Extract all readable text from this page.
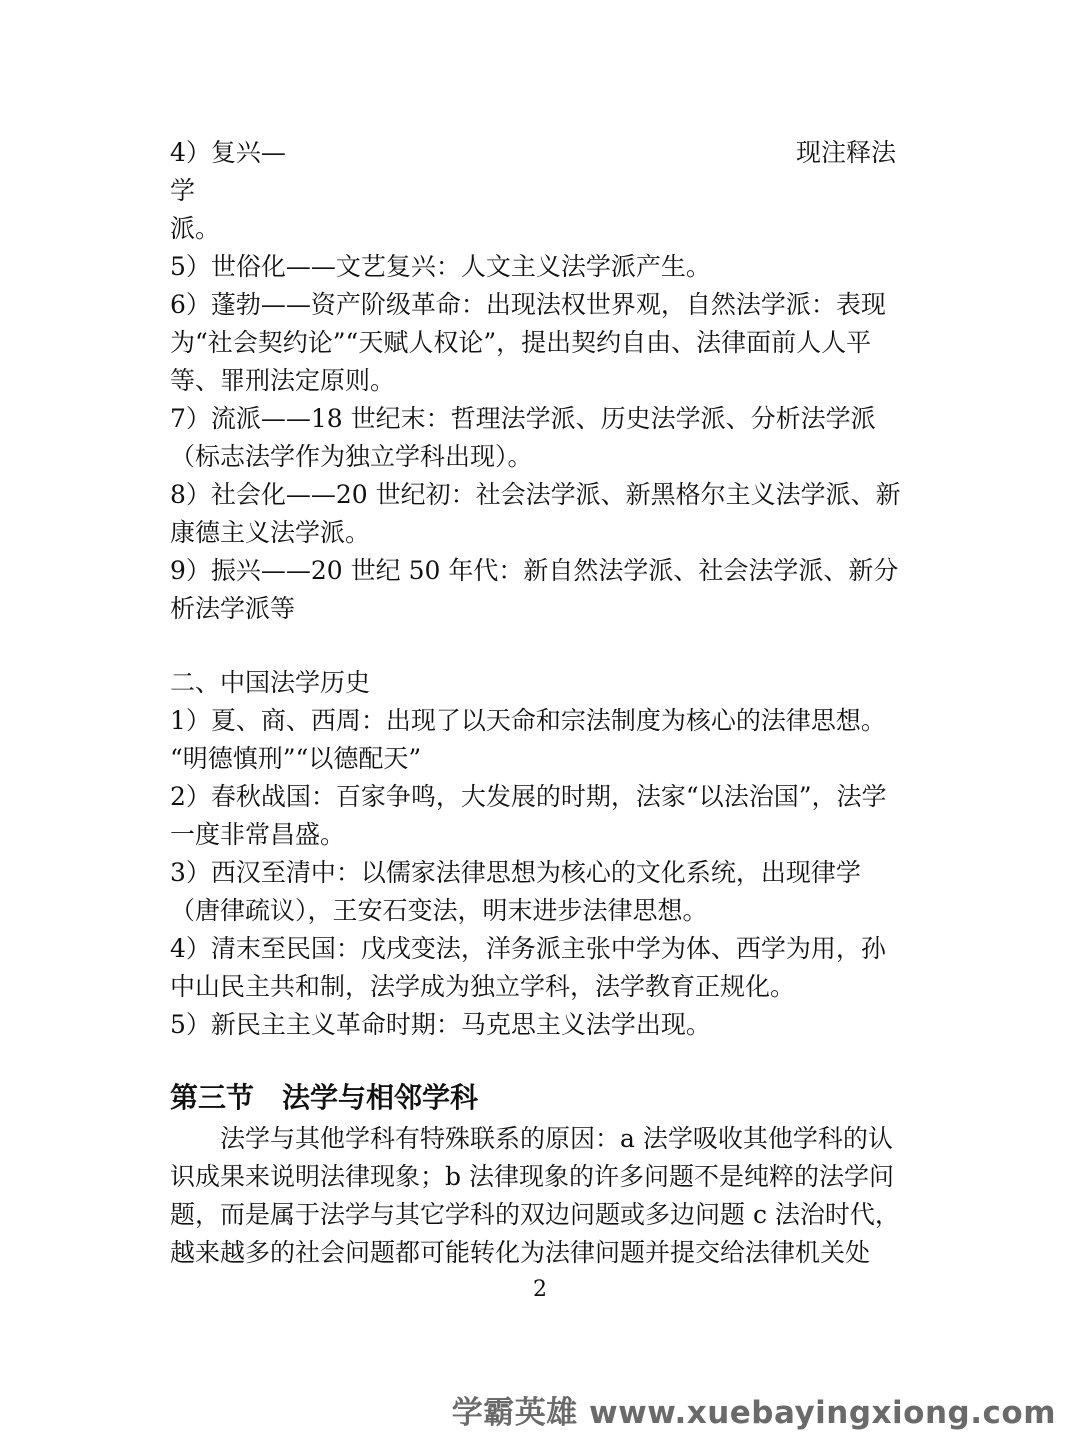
4）复兴—	现注释法
学
派。
5）世俗化——文艺复兴：人文主义法学派产生。
6）蓬勃——资产阶级革命：出现法权世界观，自然法学派：表现
为“社会契约论”“天赋人权论”，提出契约自由、法律面前人人平
等、罪刑法定原则。
7）流派——18 世纪末：哲理法学派、历史法学派、分析法学派
（标志法学作为独立学科出现）。
8）社会化——20 世纪初：社会法学派、新黑格尔主义法学派、新
康德主义法学派。
9）振兴——20 世纪 50 年代：新自然法学派、社会法学派、新分
析法学派等
二、中国法学历史
1）夏、商、西周：出现了以天命和宗法制度为核心的法律思想。
“明德慎刑”“以德配天”
2）春秋战国：百家争鸣，大发展的时期，法家“以法治国”，法学
一度非常昌盛。
3）西汉至清中：以儒家法律思想为核心的文化系统，出现律学
（唐律疏议），王安石变法，明末进步法律思想。
4）清末至民国：戊戌变法，洋务派主张中学为体、西学为用，孙
中山民主共和制，法学成为独立学科，法学教育正规化。
5）新民主主义革命时期：马克思主义法学出现。
第三节　法学与相邻学科
　　法学与其他学科有特殊联系的原因：a 法学吸收其他学科的认
识成果来说明法律现象；b 法律现象的许多问题不是纯粹的法学问
题，而是属于法学与其它学科的双边问题或多边问题 c 法治时代，
越来越多的社会问题都可能转化为法律问题并提交给法律机关处
2
学霸英雄 www.xuebayingxiong.com
